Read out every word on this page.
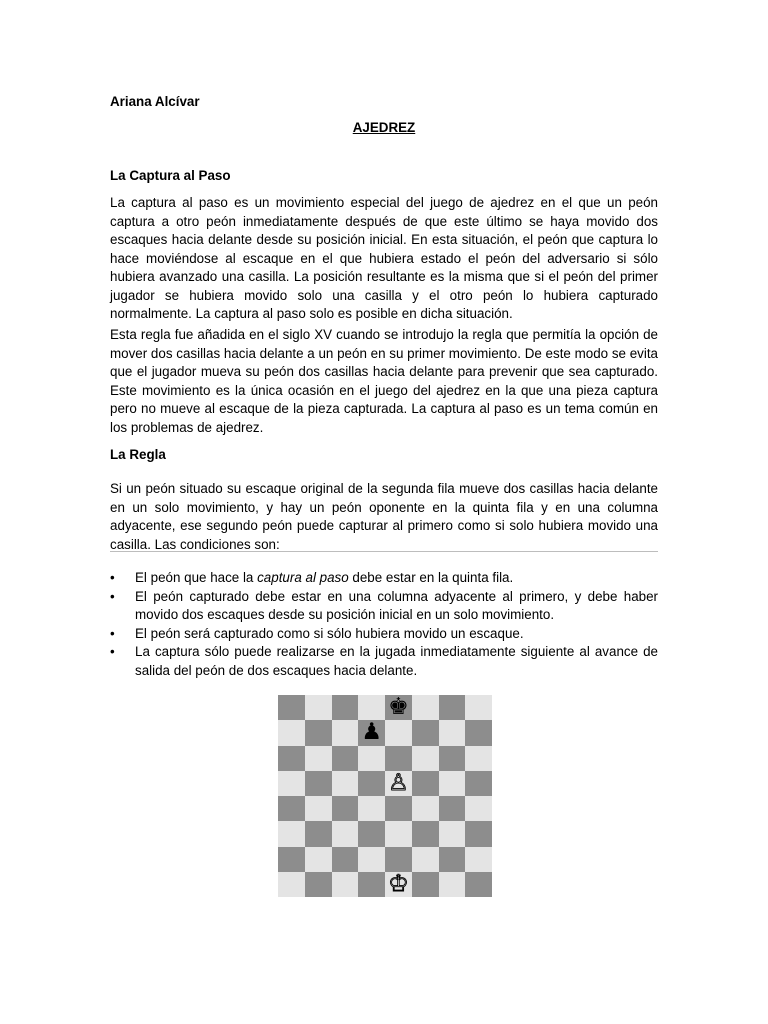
Ariana Alcívar
AJEDREZ
La Captura al Paso
La captura al paso es un movimiento especial del juego de ajedrez en el que un peón captura a otro peón inmediatamente después de que este último se haya movido dos escaques hacia delante desde su posición inicial. En esta situación, el peón que captura lo hace moviéndose al escaque en el que hubiera estado el peón del adversario si sólo hubiera avanzado una casilla. La posición resultante es la misma que si el peón del primer jugador se hubiera movido solo una casilla y el otro peón lo hubiera capturado normalmente. La captura al paso solo es posible en dicha situación.
Esta regla fue añadida en el siglo XV cuando se introdujo la regla que permitía la opción de mover dos casillas hacia delante a un peón en su primer movimiento. De este modo se evita que el jugador mueva su peón dos casillas hacia delante para prevenir que sea capturado. Este movimiento es la única ocasión en el juego del ajedrez en la que una pieza captura pero no mueve al escaque de la pieza capturada. La captura al paso es un tema común en los problemas de ajedrez.
La Regla
Si un peón situado su escaque original de la segunda fila mueve dos casillas hacia delante en un solo movimiento, y hay un peón oponente en la quinta fila y en una columna adyacente, ese segundo peón puede capturar al primero como si solo hubiera movido una casilla. Las condiciones son:
• El peón que hace la captura al paso debe estar en la quinta fila.
• El peón capturado debe estar en una columna adyacente al primero, y debe haber movido dos escaques desde su posición inicial en un solo movimiento.
• El peón será capturado como si sólo hubiera movido un escaque.
• La captura sólo puede realizarse en la jugada inmediatamente siguiente al avance de salida del peón de dos escaques hacia delante.
♚
♟
♙
♔
